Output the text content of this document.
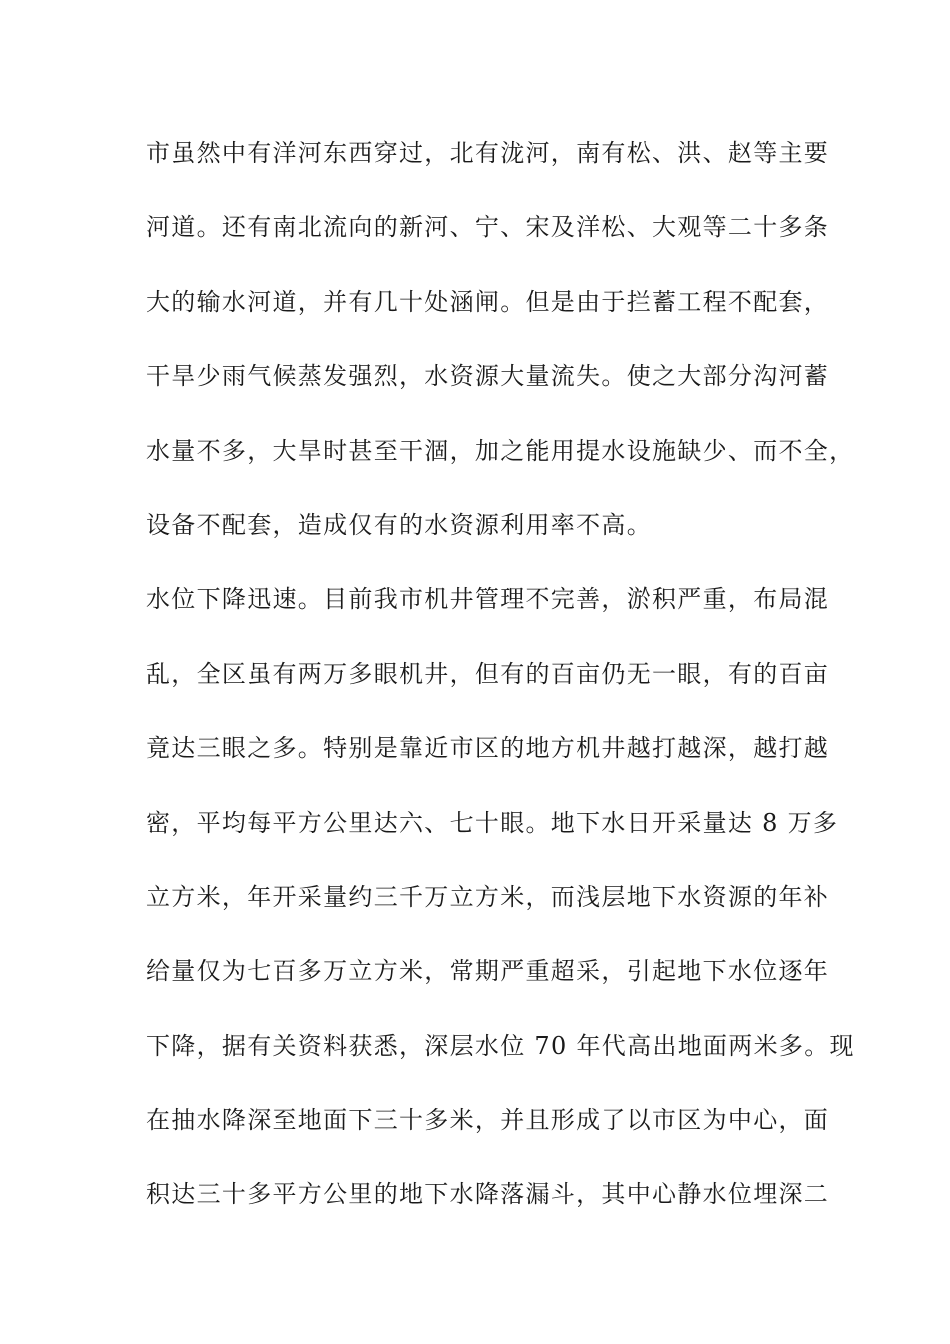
市虽然中有洋河东西穿过，北有泷河，南有松、洪、赵等主要
河道。还有南北流向的新河、宁、宋及洋松、大观等二十多条
大的输水河道，并有几十处涵闸。但是由于拦蓄工程不配套，
干旱少雨气候蒸发强烈，水资源大量流失。使之大部分沟河蓄
水量不多，大旱时甚至干涸，加之能用提水设施缺少、而不全，
设备不配套，造成仅有的水资源利用率不高。
水位下降迅速。目前我市机井管理不完善，淤积严重，布局混
乱，全区虽有两万多眼机井，但有的百亩仍无一眼，有的百亩
竟达三眼之多。特别是靠近市区的地方机井越打越深，越打越
密，平均每平方公里达六、七十眼。地下水日开采量达 8 万多
立方米，年开采量约三千万立方米，而浅层地下水资源的年补
给量仅为七百多万立方米，常期严重超采，引起地下水位逐年
下降，据有关资料获悉，深层水位 70 年代高出地面两米多。现
在抽水降深至地面下三十多米，并且形成了以市区为中心，面
积达三十多平方公里的地下水降落漏斗，其中心静水位埋深二
